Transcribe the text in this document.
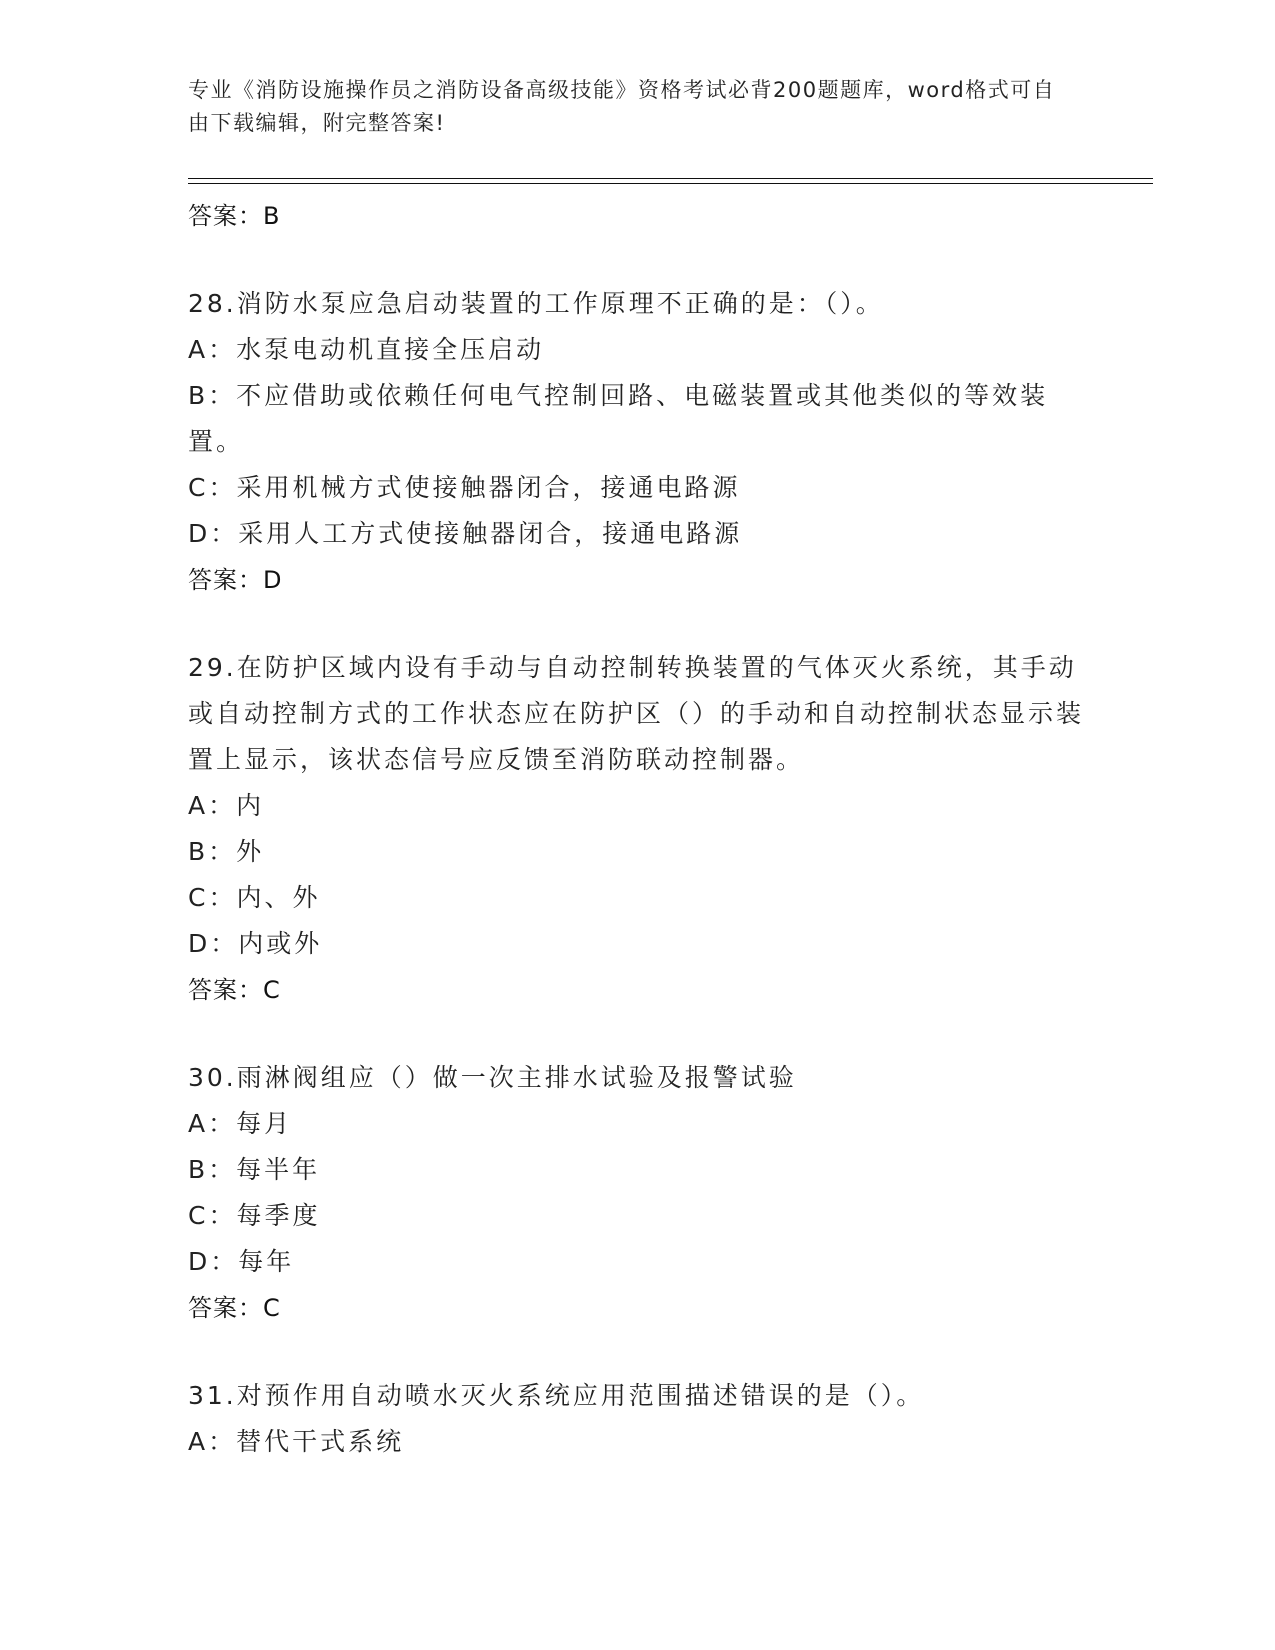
专业《消防设施操作员之消防设备高级技能》资格考试必背200题题库，word格式可自由下载编辑，附完整答案!
答案：B

28.消防水泵应急启动装置的工作原理不正确的是：（）。

A：水泵电动机直接全压启动

B：不应借助或依赖任何电气控制回路、电磁装置或其他类似的等效装置。

C：采用机械方式使接触器闭合，接通电路源

D：采用人工方式使接触器闭合，接通电路源

答案：D

29.在防护区域内设有手动与自动控制转换装置的气体灭火系统，其手动或自动控制方式的工作状态应在防护区（）的手动和自动控制状态显示装置上显示，该状态信号应反馈至消防联动控制器。

A：内

B：外

C：内、外

D：内或外

答案：C

30.雨淋阀组应（）做一次主排水试验及报警试验

A：每月

B：每半年

C：每季度

D：每年

答案：C

31.对预作用自动喷水灭火系统应用范围描述错误的是（）。

A：替代干式系统
